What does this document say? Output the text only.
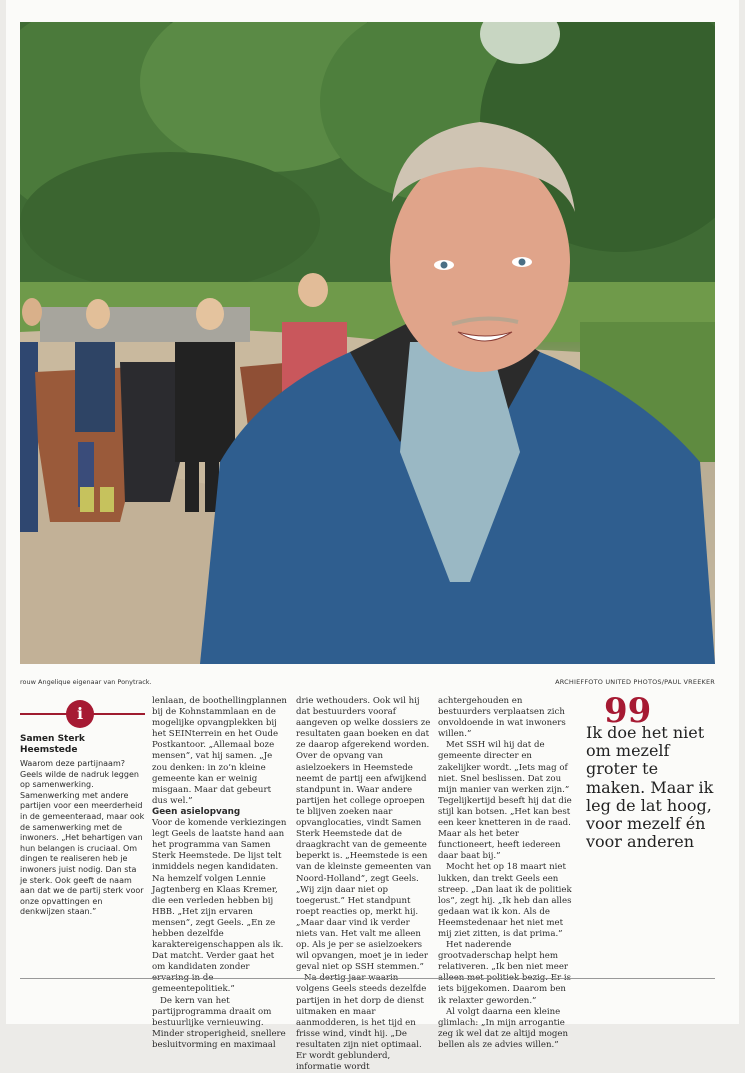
rouw Angelique eigenaar van Ponytrack.	ARCHIEFFOTO UNITED PHOTOS/PAUL VREEKER
i
Samen Sterk
Heemstede
Waarom deze partijnaam? Geels wilde de nadruk leggen op samenwerking. Samenwerking met andere partijen voor een meerderheid in de gemeenteraad, maar ook de samenwerking met de inwoners. „Het behartigen van hun belangen is cruciaal. Om dingen te realiseren heb je inwoners juist nodig. Dan sta je sterk. Ook geeft de naam aan dat we de partij sterk voor onze opvattingen en denkwijzen staan.”

lenlaan, de boothellingplannen bij de Kohnstammlaan en de mogelijke opvangplekken bij het SEINterrein en het Oude Postkantoor. „Allemaal boze mensen”, vat hij samen. „Je zou denken: in zo’n kleine gemeente kan er weinig misgaan. Maar dat gebeurt dus wel.”

Geen asielopvang

Voor de komende verkiezingen legt Geels de laatste hand aan het programma van Samen Sterk Heemstede. De lijst telt inmiddels negen kandidaten. Na hemzelf volgen Lennie Jagtenberg en Klaas Kremer, die een verleden hebben bij HBB. „Het zijn ervaren mensen”, zegt Geels. „En ze hebben dezelfde karaktereigenschappen als ik. Dat matcht. Verder gaat het om kandidaten zonder gemeentepolitiek.”

De kern van het partijprogramma draait om bestuurlijke vernieuwing. Minder stroperigheid, snellere besluitvorming en maximaal

drie wethouders. Ook wil hij dat bestuurders vooraf aangeven op welke dossiers ze resultaten gaan boeken en dat ze daarop afgerekend worden. Over de opvang van asielzoekers in Heemstede neemt de partij een afwijkend standpunt in. Waar andere partijen het college oproepen te blijven zoeken naar opvanglocaties, vindt Samen Sterk Heemstede dat de draagkracht van de gemeente beperkt is. „Heemstede is een van de kleinste gemeenten van Noord-Holland”, zegt Geels. „Wij zijn daar niet op toegerust.” Het standpunt roept reacties op, merkt hij. „Maar daar vind ik verder niets van. Het valt me alleen op. Als je per se asielzoekers wil opvangen, moet je in ieder geval niet op SSH stemmen.”

volgens Geels steeds dezelfde partijen in het dorp de dienst uitmaken en maar aanmodderen, is het tijd en frisse wind, vindt hij. „De resultaten zijn niet optimaal. Er wordt geblunderd, informatie wordt

achtergehouden en bestuurders verplaatsen zich onvoldoende in wat inwoners willen.”

Met SSH wil hij dat de gemeente directer en zakelijker wordt. „Iets mag of niet. Snel beslissen. Dat zou mijn manier van werken zijn.” Tegelijkertijd beseft hij dat die stijl kan botsen. „Het kan best een keer knetteren in de raad. Maar als het beter functioneert, heeft iedereen daar baat bij.”

Mocht het op 18 maart niet lukken, dan trekt Geels een streep. „Dan laat ik de politiek los”, zegt hij. „Ik heb dan alles gedaan wat ik kon. Als de Heemstedenaar het niet met mij ziet zitten, is dat prima.”

Het naderende grootvaderschap helpt hem relativeren. „Ik ben niet meer iets bijgekomen. Daarom ben ik relaxter geworden.”

Al volgt daarna een kleine glimlach: „In mijn arrogantie zeg ik wel dat ze altijd mogen bellen als ze advies willen.”

99
Ik doe het niet om mezelf groter te maken. Maar ik leg de lat hoog, voor mezelf én voor anderen
